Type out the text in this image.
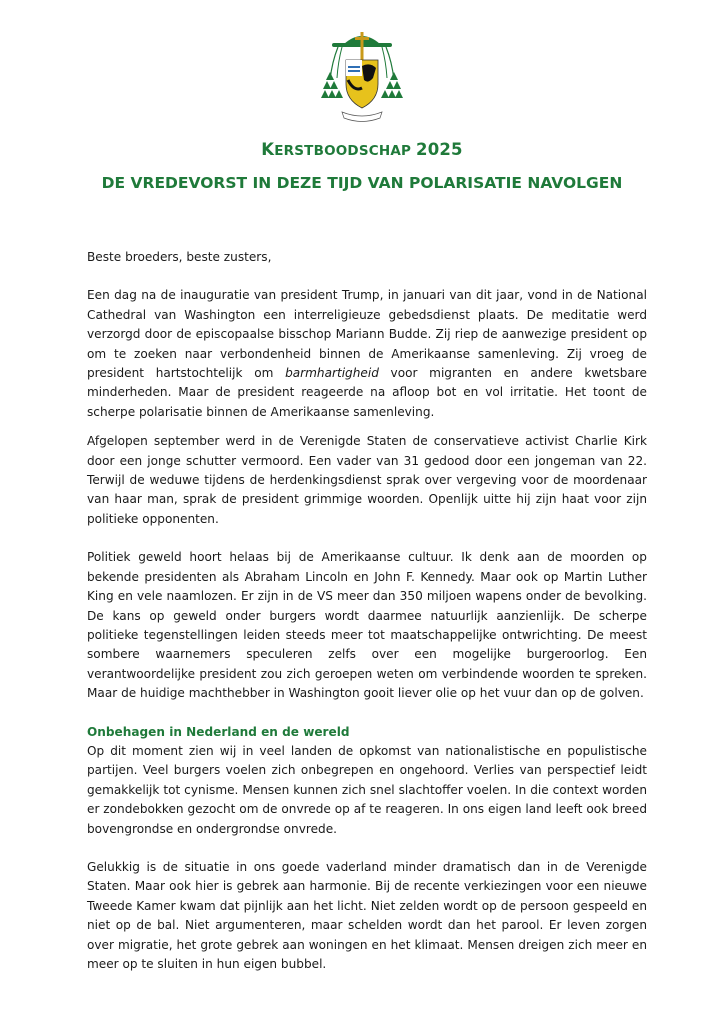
KERSTBOODSCHAP 2025
DE VREDEVORST IN DEZE TIJD VAN POLARISATIE NAVOLGEN

Beste broeders, beste zusters,

Een dag na de inauguratie van president Trump, in januari van dit jaar, vond in de National Cathedral van Washington een interreligieuze gebedsdienst plaats. De meditatie werd verzorgd door de episcopaalse bisschop Mariann Budde. Zij riep de aanwezige president op om te zoeken naar verbondenheid binnen de Amerikaanse samenleving. Zij vroeg de president hartstochtelijk om barmhartigheid voor migranten en andere kwetsbare minderheden. Maar de president reageerde na afloop bot en vol irritatie. Het toont de scherpe polarisatie binnen de Amerikaanse samenleving.

Afgelopen september werd in de Verenigde Staten de conservatieve activist Charlie Kirk door een jonge schutter vermoord. Een vader van 31 gedood door een jongeman van 22. Terwijl de weduwe tijdens de herdenkingsdienst sprak over vergeving voor de moordenaar van haar man, sprak de president grimmige woorden. Openlijk uitte hij zijn haat voor zijn politieke opponenten.

Politiek geweld hoort helaas bij de Amerikaanse cultuur. Ik denk aan de moorden op bekende presidenten als Abraham Lincoln en John F. Kennedy. Maar ook op Martin Luther King en vele naamlozen. Er zijn in de VS meer dan 350 miljoen wapens onder de bevolking. De kans op geweld onder burgers wordt daarmee natuurlijk aanzienlijk. De scherpe politieke tegenstellingen leiden steeds meer tot maatschappelijke ontwrichting. De meest sombere waarnemers speculeren zelfs over een mogelijke burgeroorlog. Een verantwoordelijke president zou zich geroepen weten om verbindende woorden te spreken. Maar de huidige machthebber in Washington gooit liever olie op het vuur dan op de golven.

Onbehagen in Nederland en de wereld

Op dit moment zien wij in veel landen de opkomst van nationalistische en populistische partijen. Veel burgers voelen zich onbegrepen en ongehoord. Verlies van perspectief leidt gemakkelijk tot cynisme. Mensen kunnen zich snel slachtoffer voelen. In die context worden er zondebokken gezocht om de onvrede op af te reageren. In ons eigen land leeft ook breed bovengrondse en ondergrondse onvrede.

Gelukkig is de situatie in ons goede vaderland minder dramatisch dan in de Verenigde Staten. Maar ook hier is gebrek aan harmonie. Bij de recente verkiezingen voor een nieuwe Tweede Kamer kwam dat pijnlijk aan het licht. Niet zelden wordt op de persoon gespeeld en niet op de bal. Niet argumenteren, maar schelden wordt dan het parool. Er leven zorgen over migratie, het grote gebrek aan woningen en het klimaat. Mensen dreigen zich meer en meer op te sluiten in hun eigen bubbel.
